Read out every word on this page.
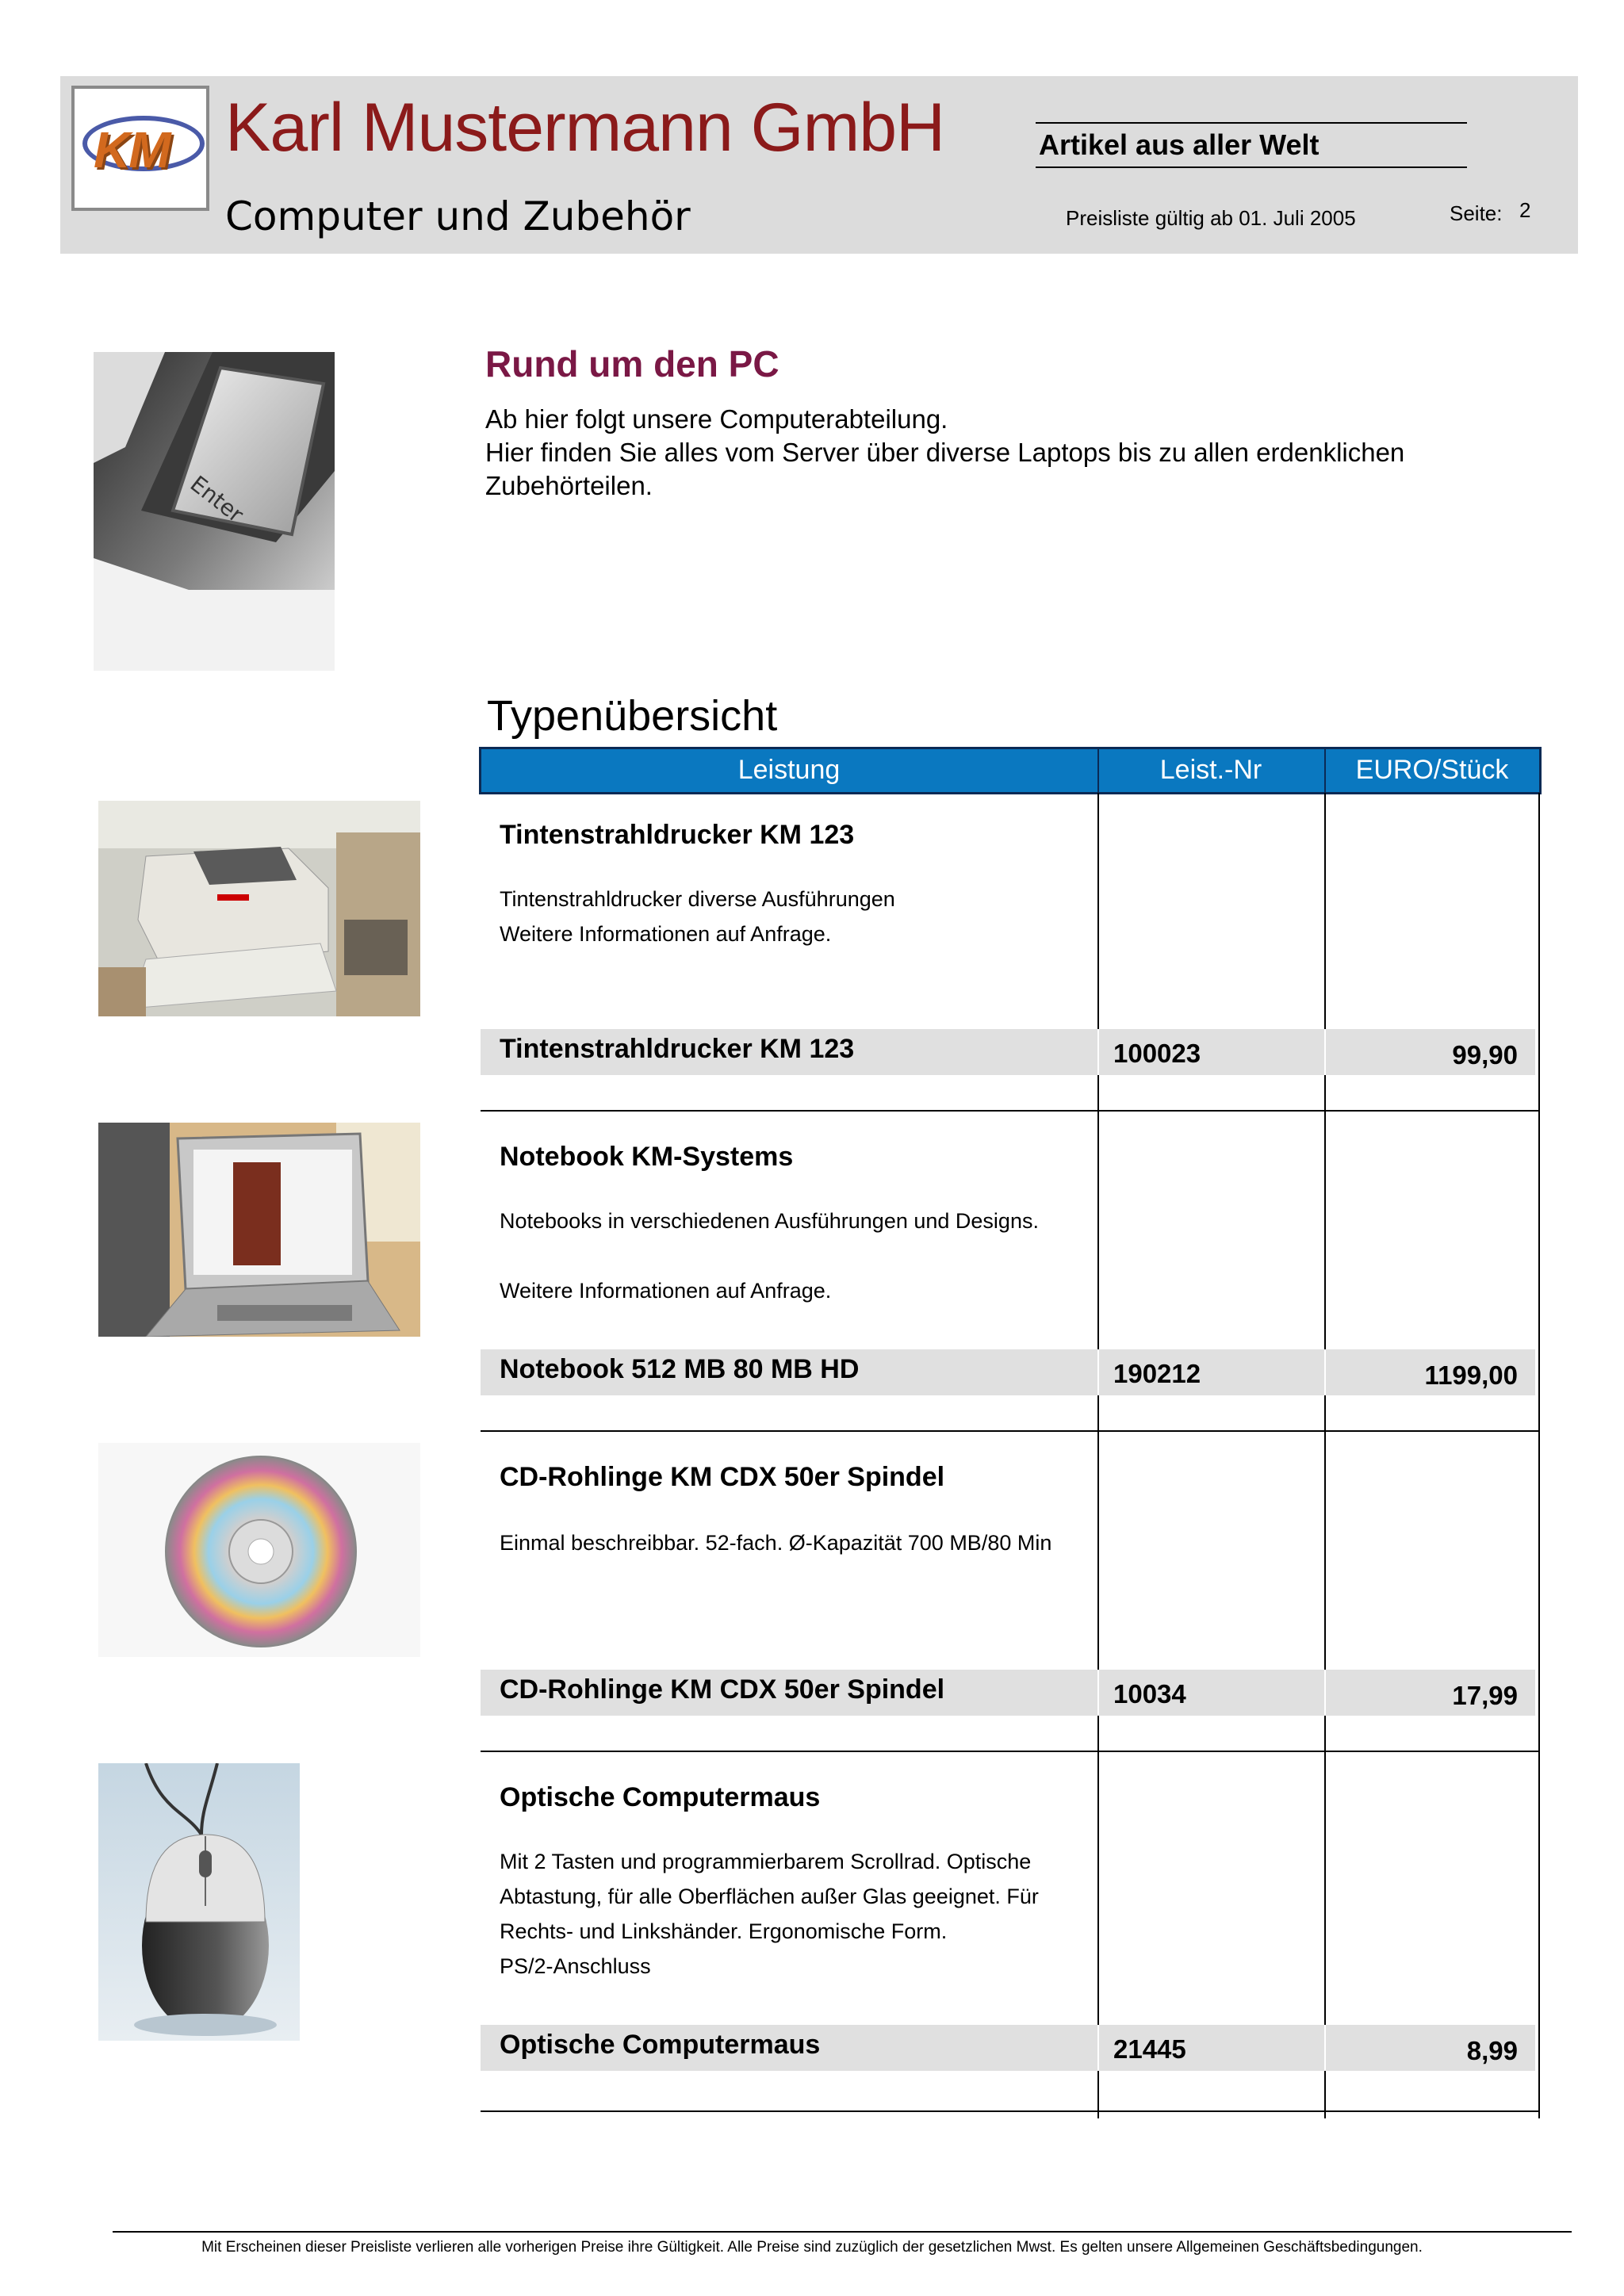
KM Karl Mustermann GmbH
Computer und Zubehör
Artikel aus aller Welt
Preisliste gültig ab 01. Juli 2005	Seite: 2
Enter
Rund um den PC
Ab hier folgt unsere Computerabteilung.
Hier finden Sie alles vom Server über diverse Laptops bis zu allen erdenklichen
Zubehörteilen.
Typenübersicht
Leistung	Leist.-Nr	EURO/Stück
Tintenstrahldrucker KM 123
Tintenstrahldrucker diverse Ausführungen
Weitere Informationen auf Anfrage.
Tintenstrahldrucker KM 123	100023	99,90
Notebook KM-Systems
Notebooks in verschiedenen Ausführungen und Designs.
Weitere Informationen auf Anfrage.
Notebook 512 MB 80 MB HD	190212	1199,00
CD-Rohlinge KM CDX 50er Spindel
Einmal beschreibbar. 52-fach. Ø-Kapazität 700 MB/80 Min
CD-Rohlinge KM CDX 50er Spindel	10034	17,99
Optische Computermaus
Mit 2 Tasten und programmierbarem Scrollrad. Optische
Abtastung, für alle Oberflächen außer Glas geeignet. Für
Rechts- und Linkshänder. Ergonomische Form.
PS/2-Anschluss
Optische Computermaus	21445	8,99
Mit Erscheinen dieser Preisliste verlieren alle vorherigen Preise ihre Gültigkeit. Alle Preise sind zuzüglich der gesetzlichen Mwst. Es gelten unsere Allgemeinen Geschäftsbedingungen.
